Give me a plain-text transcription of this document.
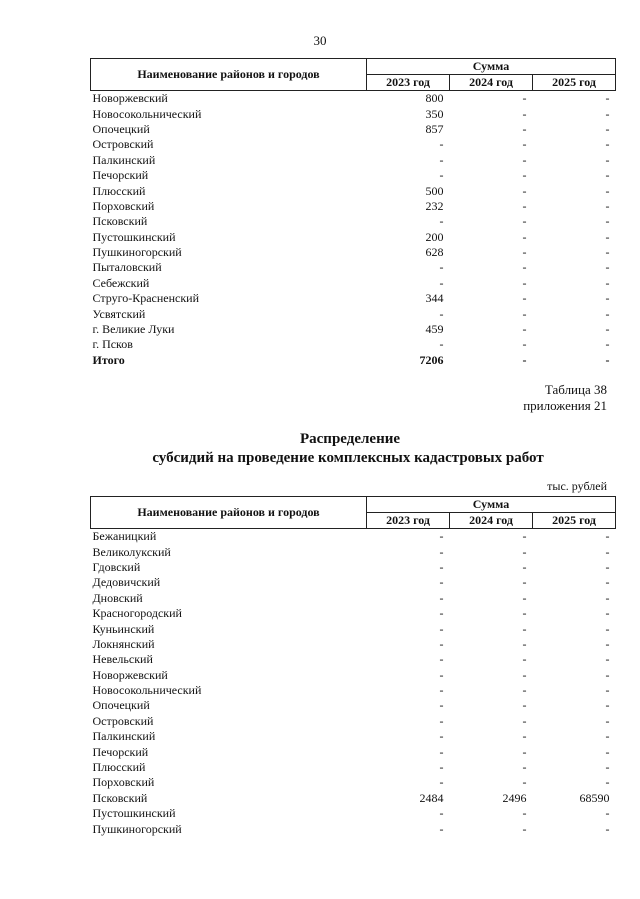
30
Наименование районов и городов	Сумма		
	2023 год	2024 год	2025 год
Новоржевский	800	-	-
Новосокольнический	350	-	-
Опочецкий	857	-	-
Островский	-	-	-
Палкинский	-	-	-
Печорский	-	-	-
Плюсский	500	-	-
Порховский	232	-	-
Псковский	-	-	-
Пустошкинский	200	-	-
Пушкиногорский	628	-	-
Пыталовский	-	-	-
Себежский	-	-	-
Струго-Красненский	344	-	-
Усвятский	-	-	-
г. Великие Луки	459	-	-
г. Псков	-	-	-
Итого	7206	-	-
Таблица 38
приложения 21
Распределение
субсидий на проведение комплексных кадастровых работ
тыс. рублей
Наименование районов и городов	Сумма		
	2023 год	2024 год	2025 год
Бежаницкий	-	-	-
Великолукский	-	-	-
Гдовский	-	-	-
Дедовичский	-	-	-
Дновский	-	-	-
Красногородский	-	-	-
Куньинский	-	-	-
Локнянский	-	-	-
Невельский	-	-	-
Новоржевский	-	-	-
Новосокольнический	-	-	-
Опочецкий	-	-	-
Островский	-	-	-
Палкинский	-	-	-
Печорский	-	-	-
Плюсский	-	-	-
Порховский	-	-	-
Псковский	2484	2496	68590
Пустошкинский	-	-	-
Пушкиногорский	-	-	-
